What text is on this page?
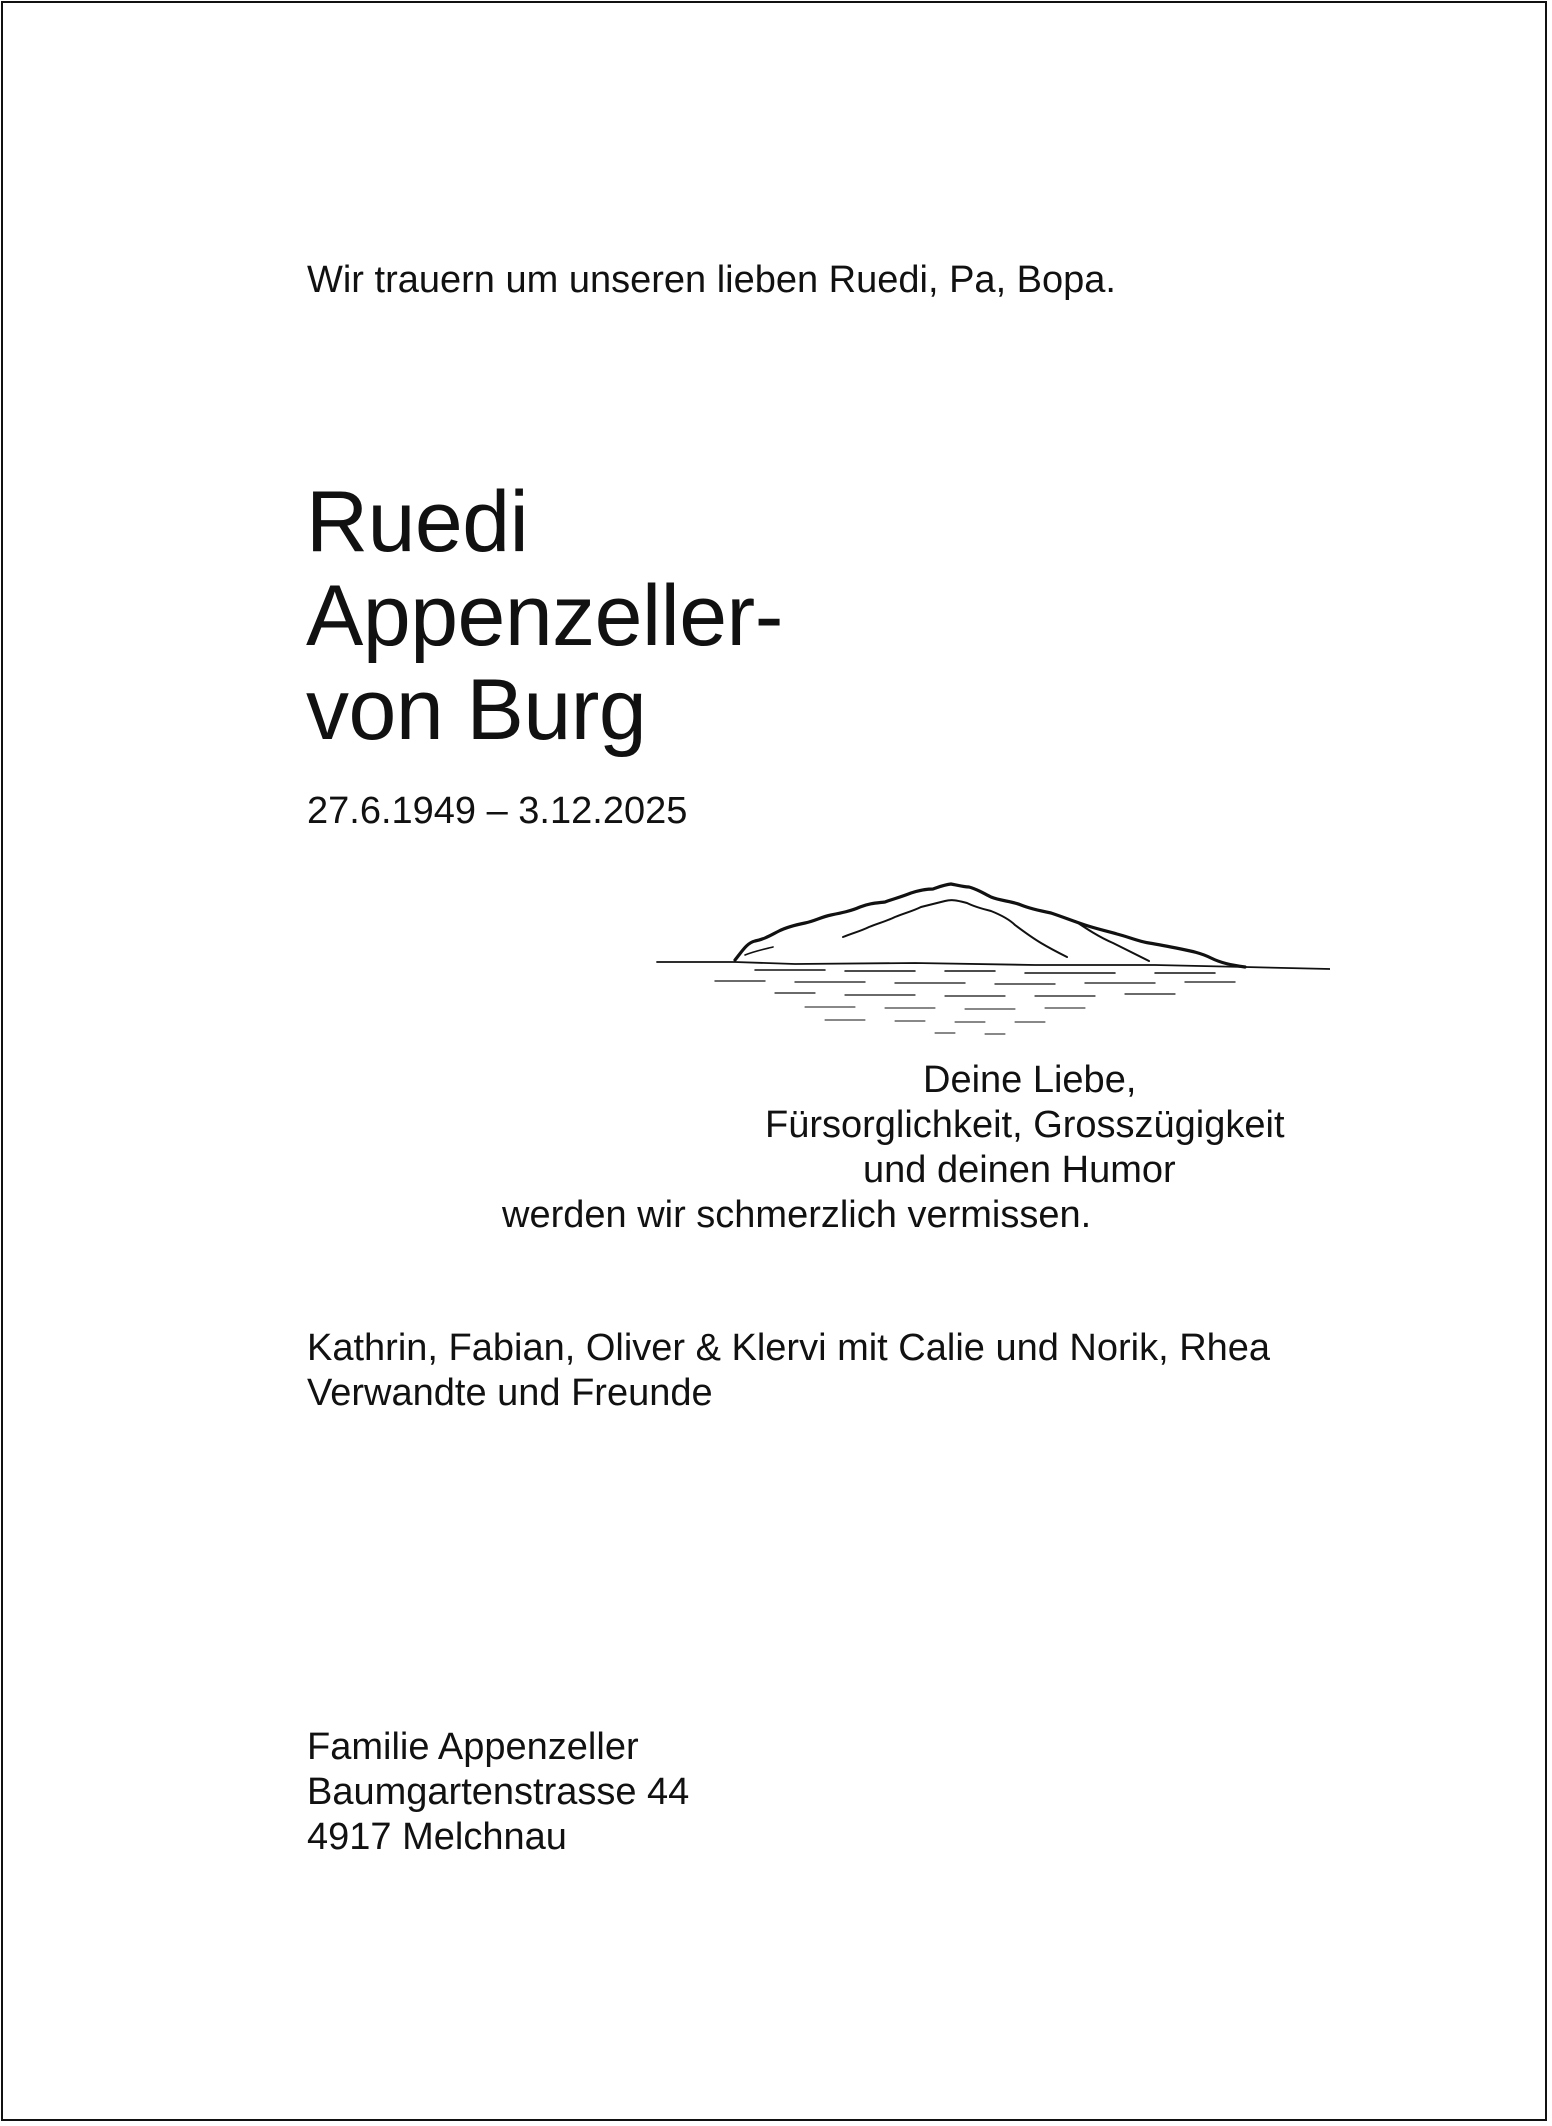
Wir trauern um unseren lieben Ruedi, Pa, Bopa.
Ruedi
Appenzeller-
von Burg
27.6.1949 – 3.12.2025
Deine Liebe,
Fürsorglichkeit, Grosszügigkeit
und deinen Humor
werden wir schmerzlich vermissen.
Kathrin, Fabian, Oliver & Klervi mit Calie und Norik, Rhea
Verwandte und Freunde
Familie Appenzeller
Baumgartenstrasse 44
4917 Melchnau
